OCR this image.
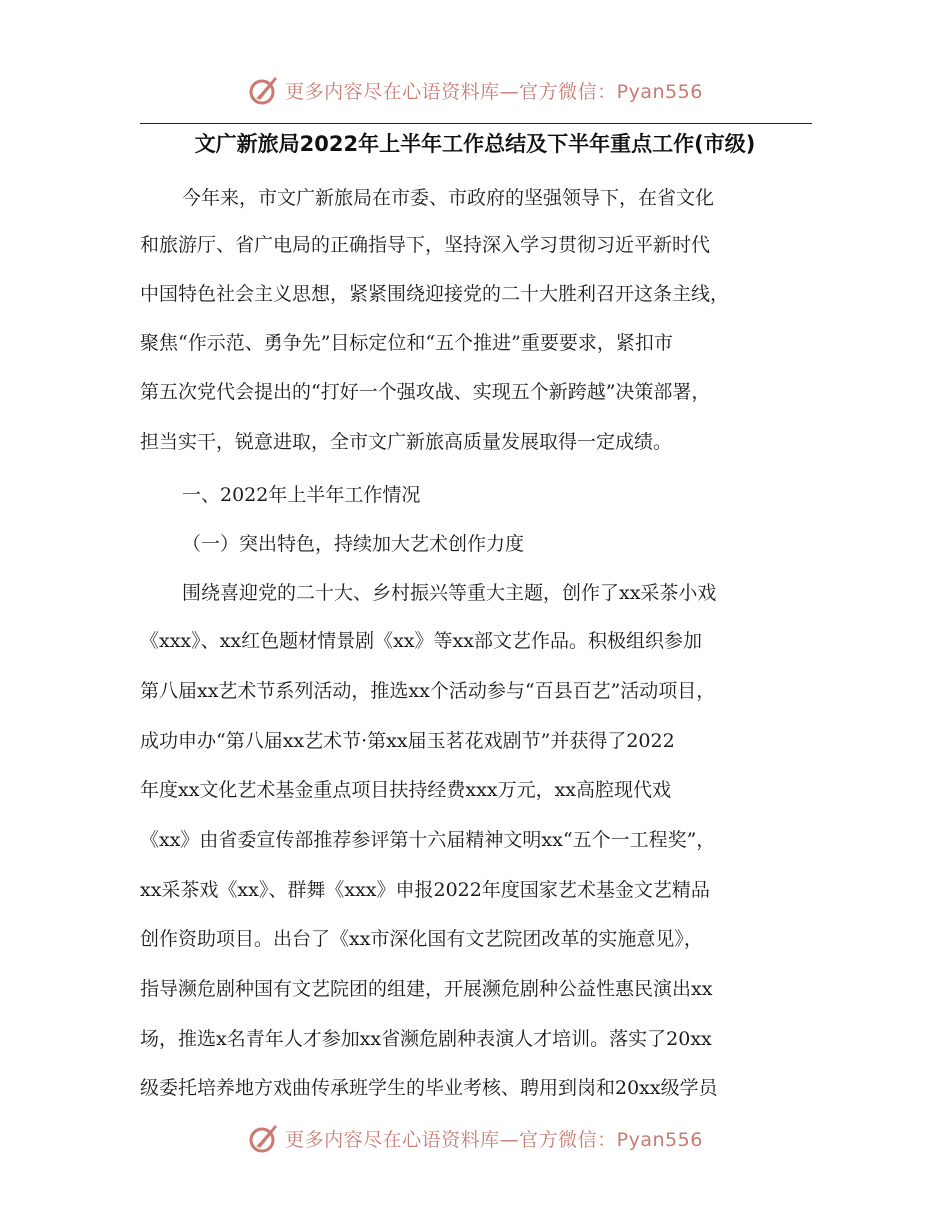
更多内容尽在心语资料库—官方微信：Pyan556
文广新旅局2022年上半年工作总结及下半年重点工作(市级)
今年来，市文广新旅局在市委、市政府的坚强领导下，在省文化
和旅游厅、省广电局的正确指导下，坚持深入学习贯彻习近平新时代
中国特色社会主义思想，紧紧围绕迎接党的二十大胜利召开这条主线，
聚焦“作示范、勇争先”目标定位和“五个推进”重要要求，紧扣市
第五次党代会提出的“打好一个强攻战、实现五个新跨越”决策部署，
担当实干，锐意进取，全市文广新旅高质量发展取得一定成绩。
一、2022年上半年工作情况
（一）突出特色，持续加大艺术创作力度
围绕喜迎党的二十大、乡村振兴等重大主题，创作了xx采茶小戏
《xxx》、xx红色题材情景剧《xx》等xx部文艺作品。积极组织参加
第八届xx艺术节系列活动，推选xx个活动参与“百县百艺”活动项目，
成功申办“第八届xx艺术节·第xx届玉茗花戏剧节”并获得了2022
年度xx文化艺术基金重点项目扶持经费xxx万元，xx高腔现代戏
《xx》由省委宣传部推荐参评第十六届精神文明xx“五个一工程奖”，
xx采茶戏《xx》、群舞《xxx》申报2022年度国家艺术基金文艺精品
创作资助项目。出台了《xx市深化国有文艺院团改革的实施意见》，
指导濒危剧种国有文艺院团的组建，开展濒危剧种公益性惠民演出xx
场，推选x名青年人才参加xx省濒危剧种表演人才培训。落实了20xx
级委托培养地方戏曲传承班学生的毕业考核、聘用到岗和20xx级学员
更多内容尽在心语资料库—官方微信：Pyan556
